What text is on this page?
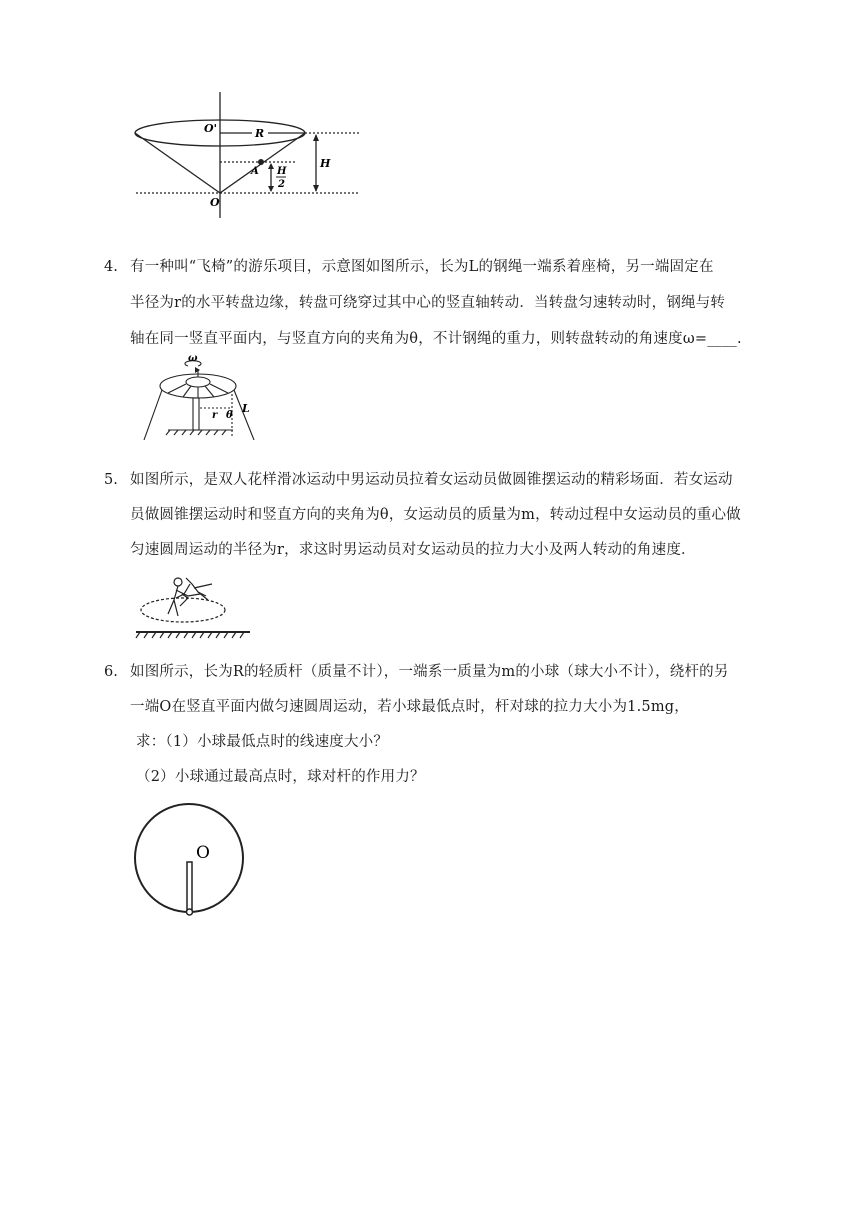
O'	R
H
A H
2
O
4. 有一种叫“飞椅”的游乐项目，示意图如图所示，长为L的钢绳一端系着座椅，另一端固定在
半径为r的水平转盘边缘，转盘可绕穿过其中心的竖直轴转动．当转盘匀速转动时，钢绳与转
轴在同一竖直平面内，与竖直方向的夹角为θ，不计钢绳的重力，则转盘转动的角速度ω=____.
ω
r θ
L
5. 如图所示，是双人花样滑冰运动中男运动员拉着女运动员做圆锥摆运动的精彩场面．若女运动
员做圆锥摆运动时和竖直方向的夹角为θ，女运动员的质量为m，转动过程中女运动员的重心做
匀速圆周运动的半径为r，求这时男运动员对女运动员的拉力大小及两人转动的角速度．
6. 如图所示，长为R的轻质杆（质量不计），一端系一质量为m的小球（球大小不计），绕杆的另
一端O在竖直平面内做匀速圆周运动，若小球最低点时，杆对球的拉力大小为1.5mg，
求：（1）小球最低点时的线速度大小？
（2）小球通过最高点时，球对杆的作用力？
O
